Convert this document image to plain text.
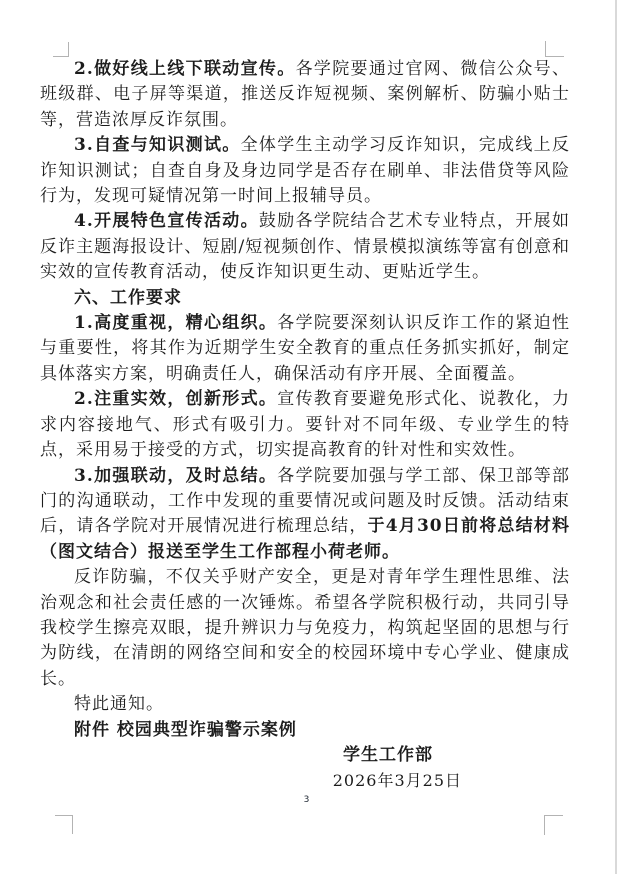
2.做好线上线下联动宣传。各学院要通过官网、微信公众号、班级群、电子屏等渠道，推送反诈短视频、案例解析、防骗小贴士等，营造浓厚反诈氛围。

3.自查与知识测试。全体学生主动学习反诈知识，完成线上反诈知识测试；自查自身及身边同学是否存在刷单、非法借贷等风险行为，发现可疑情况第一时间上报辅导员。

4.开展特色宣传活动。鼓励各学院结合艺术专业特点，开展如反诈主题海报设计、短剧/短视频创作、情景模拟演练等富有创意和实效的宣传教育活动，使反诈知识更生动、更贴近学生。

六、工作要求

1.高度重视，精心组织。各学院要深刻认识反诈工作的紧迫性与重要性，将其作为近期学生安全教育的重点任务抓实抓好，制定具体落实方案，明确责任人，确保活动有序开展、全面覆盖。

2.注重实效，创新形式。宣传教育要避免形式化、说教化，力求内容接地气、形式有吸引力。要针对不同年级、专业学生的特点，采用易于接受的方式，切实提高教育的针对性和实效性。

3.加强联动，及时总结。各学院要加强与学工部、保卫部等部门的沟通联动，工作中发现的重要情况或问题及时反馈。活动结束后，请各学院对开展情况进行梳理总结，于4月30日前将总结材料（图文结合）报送至学生工作部程小荷老师。

反诈防骗，不仅关乎财产安全，更是对青年学生理性思维、法治观念和社会责任感的一次锤炼。希望各学院积极行动，共同引导我校学生擦亮双眼，提升辨识力与免疫力，构筑起坚固的思想与行为防线，在清朗的网络空间和安全的校园环境中专心学业、健康成长。

特此通知。

附件 校园典型诈骗警示案例

学生工作部
2026年3月25日
3
